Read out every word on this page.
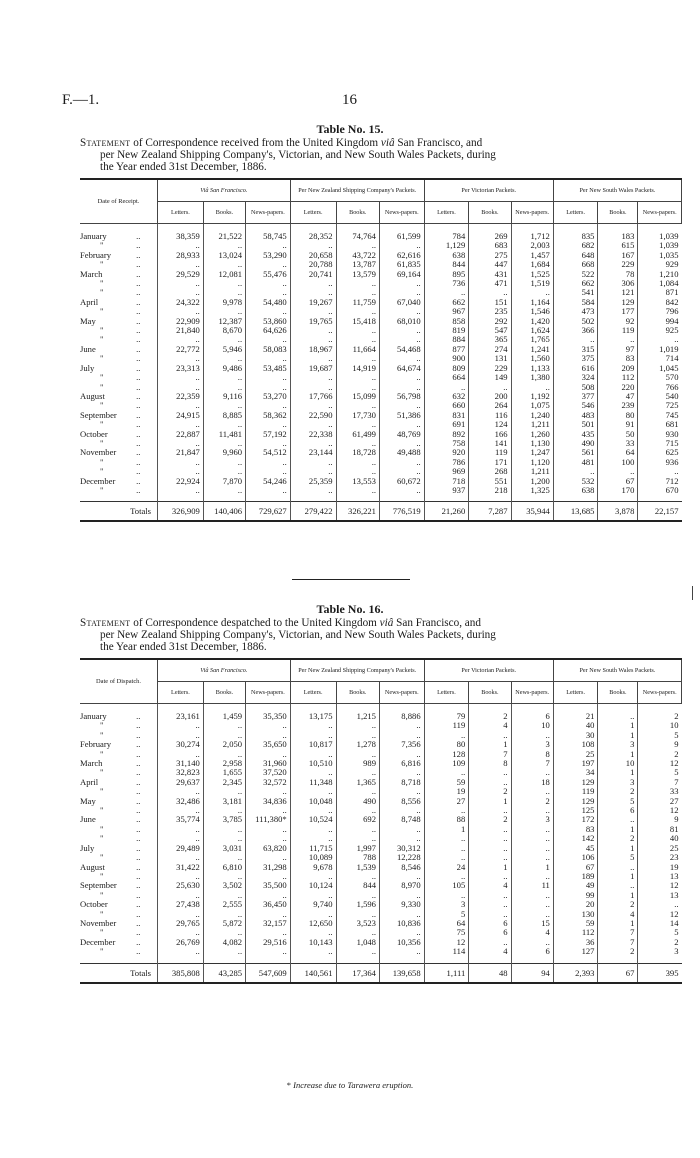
F.—1.	16
Table No. 15.

Statement of Correspondence received from the United Kingdom viâ San Francisco, and

per New Zealand Shipping Company's, Victorian, and New South Wales Packets, during

the Year ended 31st December, 1886.

Date of Receipt.	Viâ San Francisco.			Per New Zealand Shipping Company's Packets.			Per Victorian Packets.			Per New South Wales Packets.		
	Letters.	Books.	News-papers.	Letters.	Books.	News-papers.	Letters.	Books.	News-papers.	Letters.	Books.	News-papers.
January ..	38,359	21,522	58,745	28,352	74,764	61,599	784	269	1,712	835	183	1,039
" ..	..	..	..	..	..	..	1,129	683	2,003	682	615	1,039
February ..	28,933	13,024	53,290	20,658	43,722	62,616	638	275	1,457	648	167	1,035
" ..	..	..	..	20,788	13,787	61,835	844	447	1,684	668	229	929
March ..	29,529	12,081	55,476	20,741	13,579	69,164	895	431	1,525	522	78	1,210
" ..	..	..	..	..	..	..	736	471	1,519	662	306	1,084
" ..	..	..	..	..	..	..	..	..	..	541	121	871
April ..	24,322	9,978	54,480	19,267	11,759	67,040	662	151	1,164	584	129	842
" ..	..	..	..	..	..	..	967	235	1,546	473	177	796
May ..	22,909	12,387	53,860	19,765	15,418	68,010	858	292	1,420	502	92	994
" ..	21,840	8,670	64,626	..	..	..	819	547	1,624	366	119	925
" ..	..	..	..	..	..	..	884	365	1,765	..	..	..
June ..	22,772	5,946	58,083	18,967	11,664	54,468	877	274	1,241	315	97	1,019
" ..	..	..	..	..	..	..	900	131	1,560	375	83	714
July ..	23,313	9,486	53,485	19,687	14,919	64,674	809	229	1,133	616	209	1,045
" ..	..	..	..	..	..	..	664	149	1,380	324	112	570
" ..	..	..	..	..	..	..	..	..	..	508	220	766
August ..	22,359	9,116	53,270	17,766	15,099	56,798	632	200	1,192	377	47	540
" ..	..	..	..	..	..	..	660	264	1,075	546	239	725
September ..	24,915	8,885	58,362	22,590	17,730	51,386	831	116	1,240	483	80	745
" ..	..	..	..	..	..	..	691	124	1,211	501	91	681
October ..	22,887	11,481	57,192	22,338	61,499	48,769	892	166	1,260	435	50	930
" ..	..	..	..	..	..	..	758	141	1,130	490	33	715
November ..	21,847	9,960	54,512	23,144	18,728	49,488	920	119	1,247	561	64	625
" ..	..	..	..	..	..	..	786	171	1,120	481	100	936
" ..	..	..	..	..	..	..	969	268	1,211	..	..	..
December ..	22,924	7,870	54,246	25,359	13,553	60,672	718	551	1,200	532	67	712
" ..	..	..	..	..	..	..	937	218	1,325	638	170	670
Totals	326,909	140,406	729,627	279,422	326,221	776,519	21,260	7,287	35,944	13,685	3,878	22,157
Table No. 16.

Statement of Correspondence despatched to the United Kingdom viâ San Francisco, and

per New Zealand Shipping Company's, Victorian, and New South Wales Packets, during

the Year ended 31st December, 1886.

Date of Dispatch.	Viâ San Francisco.			Per New Zealand Shipping Company's Packets.			Per Victorian Packets.			Per New South Wales Packets.		
	Letters.	Books.	News-papers.	Letters.	Books.	News-papers.	Letters.	Books.	News-papers.	Letters.	Books.	News-papers.
January ..	23,161	1,459	35,350	13,175	1,215	8,886	79	2	6	21	..	2
" ..	..	..	..	..	..	..	119	4	10	40	1	10
" ..	..	..	..	..	..	..	..	..	..	30	1	5
February ..	30,274	2,050	35,650	10,817	1,278	7,356	80	1	3	108	3	9
" ..	..	..	..	..	..	..	128	7	8	25	1	2
March ..	31,140	2,958	31,960	10,510	989	6,816	109	8	7	197	10	12
" ..	32,823	1,655	37,520	..	..	..	..	..	..	34	1	5
April ..	29,637	2,345	32,572	11,348	1,365	8,718	59	..	18	129	3	7
" ..	..	..	..	..	..	..	19	2	..	119	2	33
May ..	32,486	3,181	34,836	10,048	490	8,556	27	1	2	129	5	27
" ..	..	..	..	..	..	..	..	..	..	125	6	12
June ..	35,774	3,785	111,380*	10,524	692	8,748	88	2	3	172	..	9
" ..	..	..	..	..	..	..	1	..	..	83	1	81
" ..	..	..	..	..	..	..	..	..	..	142	2	40
July ..	29,489	3,031	63,820	11,715	1,997	30,312	..	..	..	45	1	25
" ..	..	..	..	10,089	788	12,228	..	..	..	106	5	23
August ..	31,422	6,810	31,298	9,678	1,539	8,546	24	1	1	67	..	19
" ..	..	..	..	..	..	..	..	..	..	189	1	13
September ..	25,630	3,502	35,500	10,124	844	8,970	105	4	11	49	..	12
" ..	..	..	..	..	..	..	..	..	..	99	1	13
October ..	27,438	2,555	36,450	9,740	1,596	9,330	3	..	..	20	2	..
" ..	..	..	..	..	..	..	5	..	..	130	4	12
November ..	29,765	5,872	32,157	12,650	3,523	10,836	64	6	15	59	1	14
" ..	..	..	..	..	..	..	75	6	4	112	7	5
December ..	26,769	4,082	29,516	10,143	1,048	10,356	12	..	..	36	7	2
" ..	..	..	..	..	..	..	114	4	6	127	2	3
Totals	385,808	43,285	547,609	140,561	17,364	139,658	1,111	48	94	2,393	67	395
* Increase due to Tarawera eruption.
